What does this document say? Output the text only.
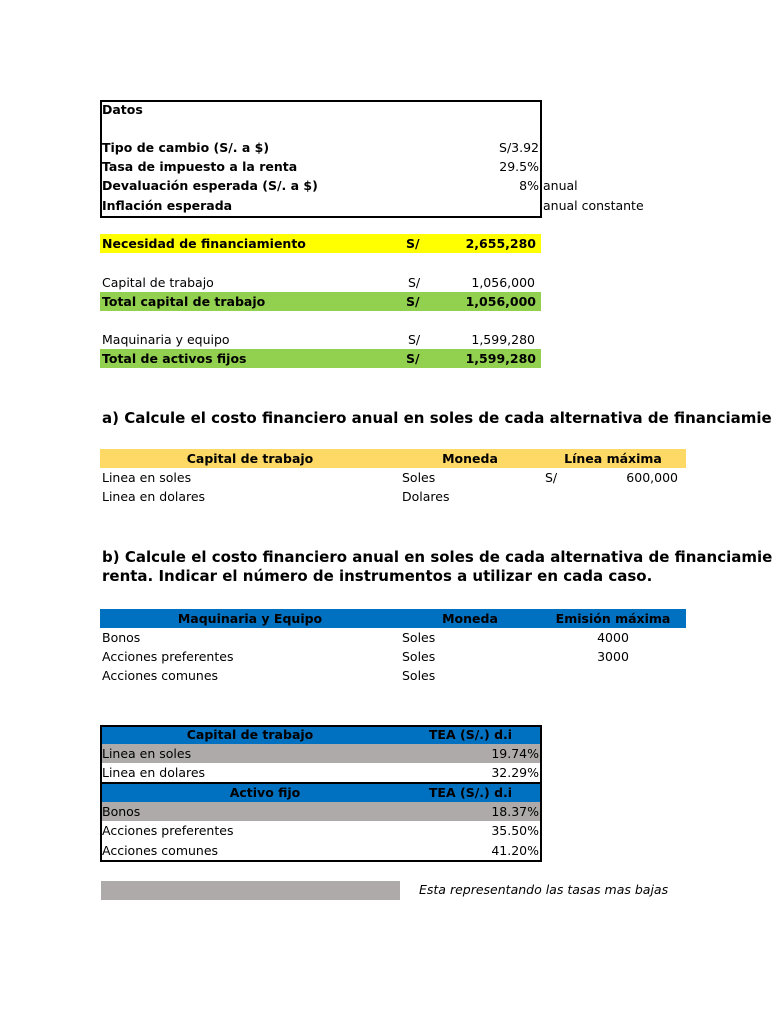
Datos
Tipo de cambio (S/. a $)	S/3.92
Tasa de impuesto a la renta	29.5%
Devaluación esperada (S/. a $)	8% anual
Inflación esperada	anual constante
Necesidad de financiamiento	S/	2,655,280
Capital de trabajo	S/	1,056,000
Total capital de trabajo	S/	1,056,000
Maquinaria y equipo	S/	1,599,280
Total de activos fijos	S/	1,599,280
a) Calcule el costo financiero anual en soles de cada alternativa de financiamie
Capital de trabajo	Moneda	Línea máxima
Linea en soles	Soles	S/	600,000
Linea en dolares	Dolares
b) Calcule el costo financiero anual en soles de cada alternativa de financiamie
renta. Indicar el número de instrumentos a utilizar en cada caso.
Maquinaria y Equipo	Moneda	Emisión máxima
Bonos	Soles	4000
Acciones preferentes	Soles	3000
Acciones comunes	Soles
Capital de trabajo	TEA (S/.) d.i
Linea en soles	19.74%
Linea en dolares	32.29%
Activo fijo	TEA (S/.) d.i
Bonos	18.37%
Acciones preferentes	35.50%
Acciones comunes	41.20%
Esta representando las tasas mas bajas
